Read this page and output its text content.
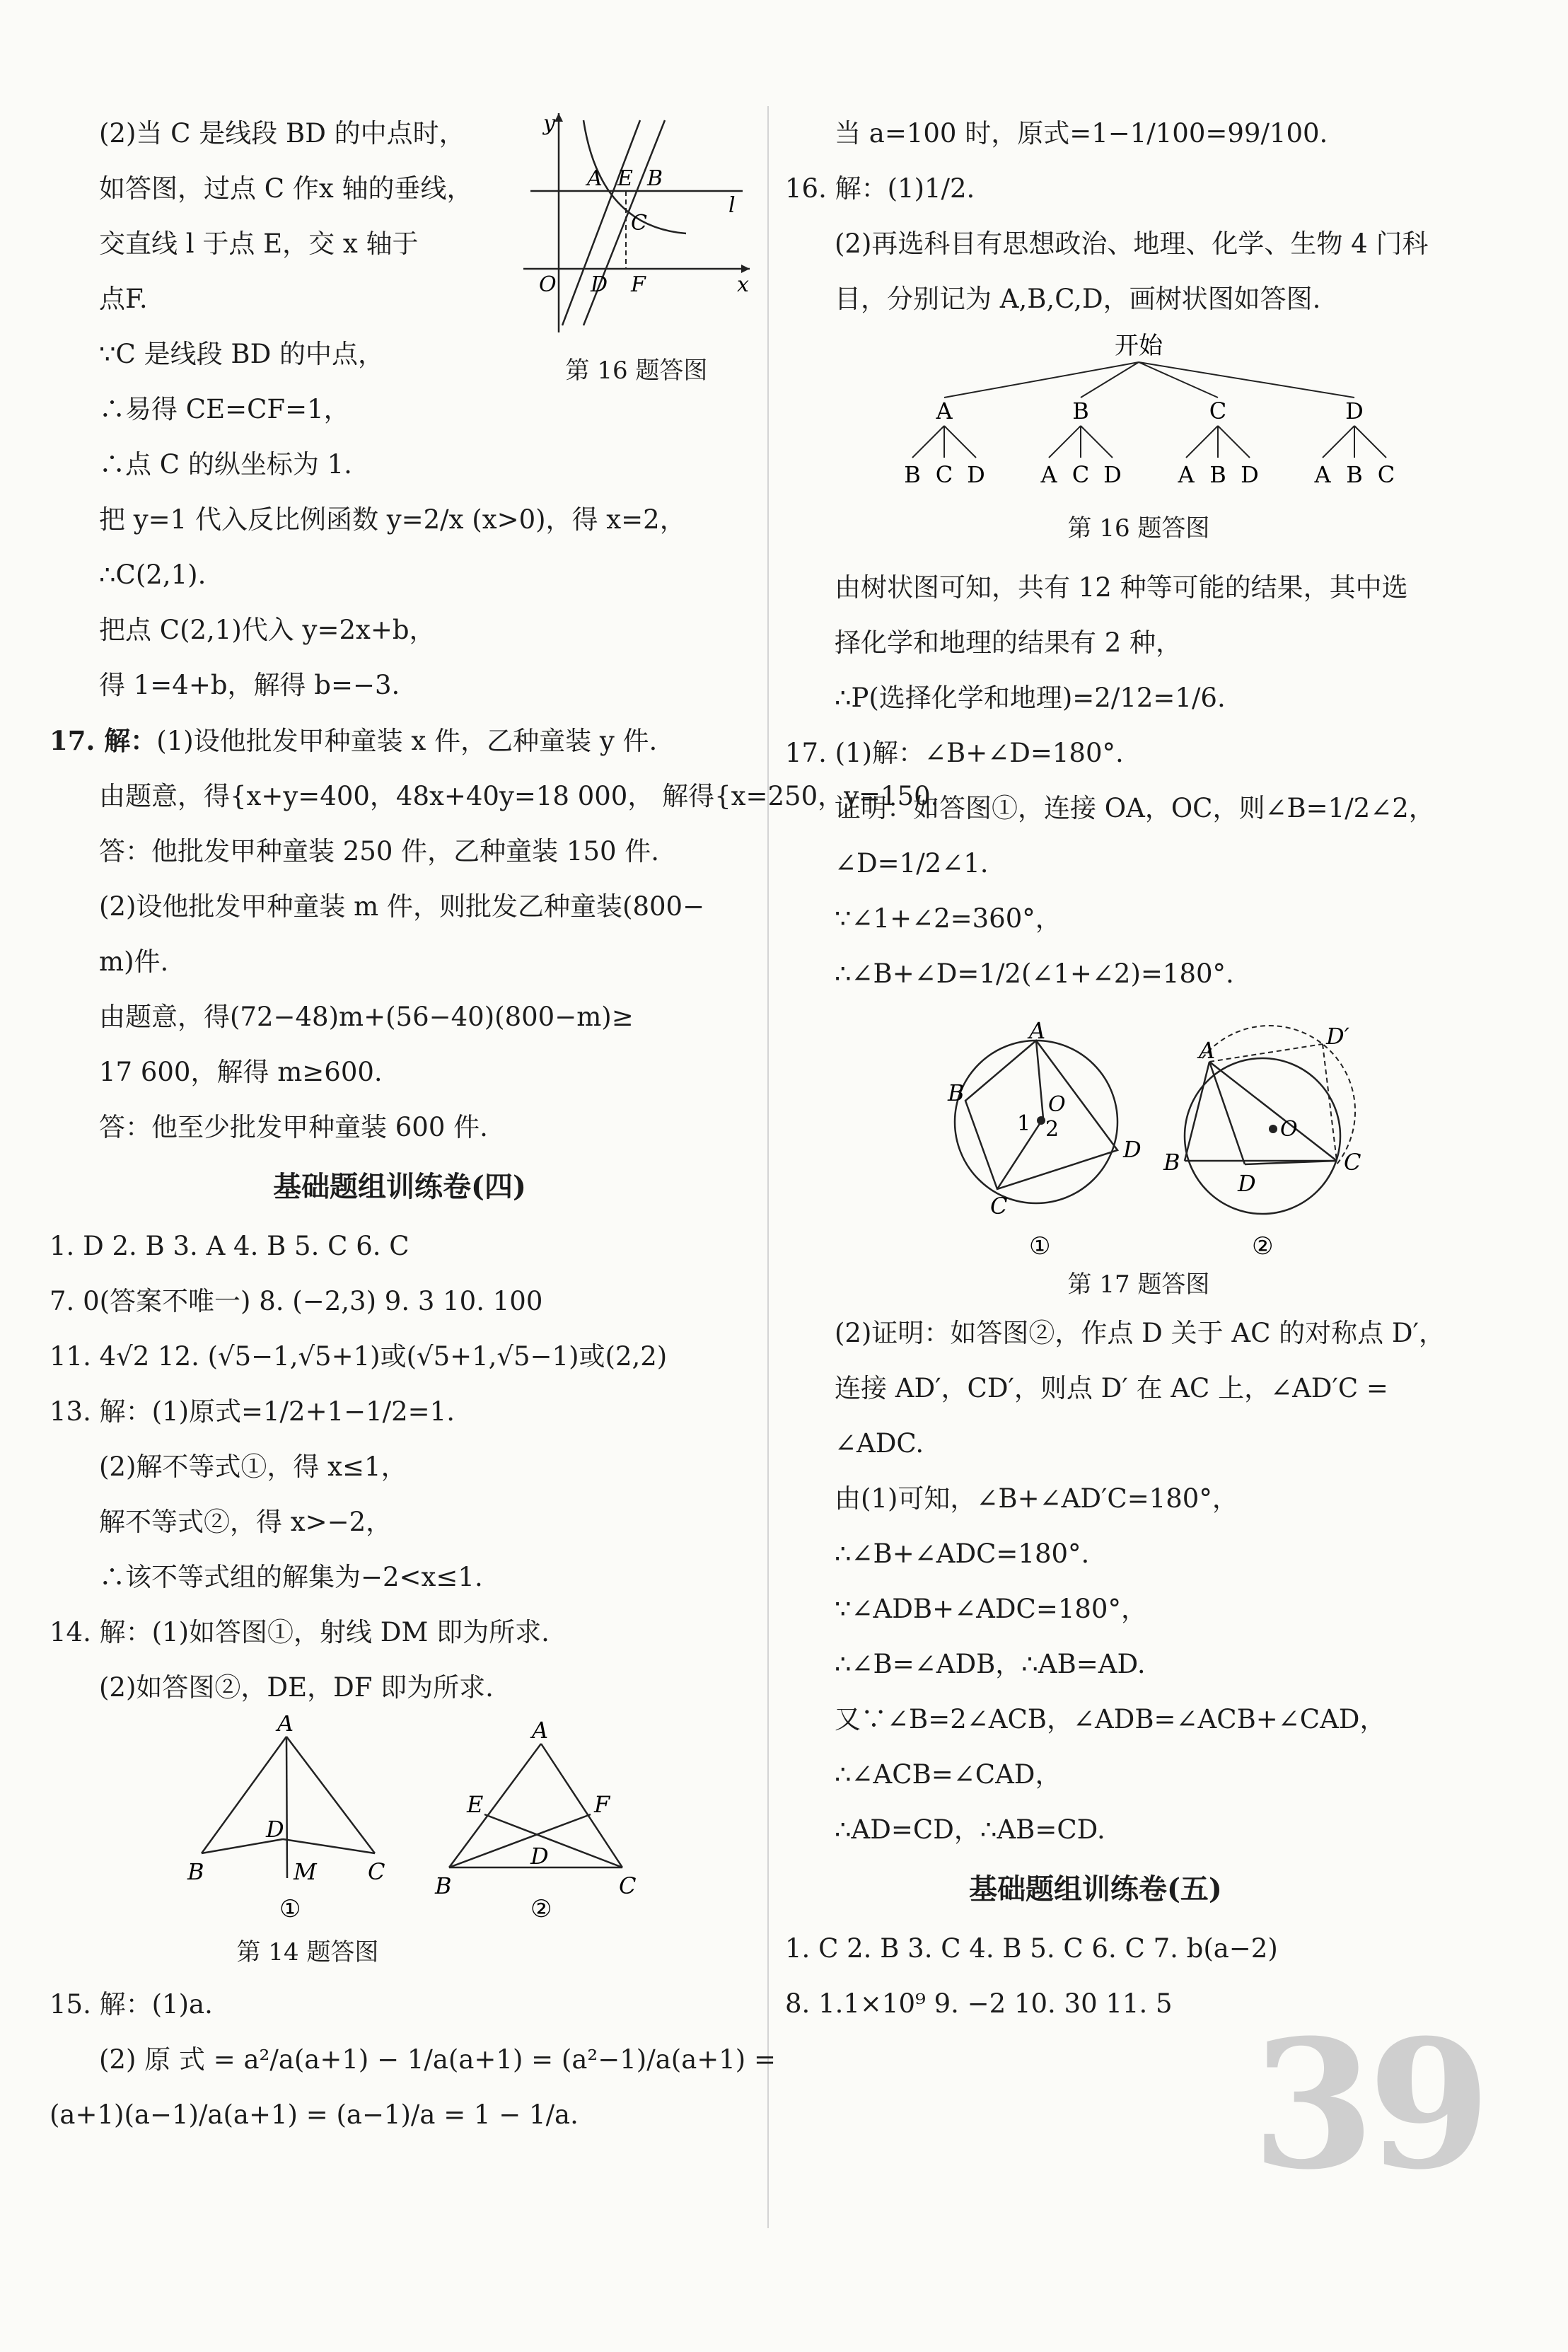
(2)当 C 是线段 BD 的中点时，
如答图，过点 C 作x 轴的垂线，
交直线 l 于点 E，交 x 轴于
点F.
∵C 是线段 BD 的中点，
∴易得 CE=CF=1，
∴点 C 的纵坐标为 1.
把 y=1 代入反比例函数 y=2/x (x>0)，得 x=2，
∴C(2,1).
把点 C(2,1)代入 y=2x+b，
得 1=4+b，解得 b=−3.
y
A E B
l
C
O D F	x
第 16 题答图
17. 解：(1)设他批发甲种童装 x 件，乙种童装 y 件.
由题意，得{x+y=400，48x+40y=18 000， 解得{x=250，y=150.
答：他批发甲种童装 250 件，乙种童装 150 件.
(2)设他批发甲种童装 m 件，则批发乙种童装(800−
m)件.
由题意，得(72−48)m+(56−40)(800−m)≥
17 600，解得 m≥600.
答：他至少批发甲种童装 600 件.
基础题组训练卷(四)
1. D 2. B 3. A 4. B 5. C 6. C
7. 0(答案不唯一) 8. (−2,3) 9. 3 10. 100
11. 4√2 12. (√5−1,√5+1)或(√5+1,√5−1)或(2,2)
13. 解：(1)原式=1/2+1−1/2=1.
(2)解不等式①，得 x≤1，
解不等式②，得 x>−2，
∴该不等式组的解集为−2<x≤1.
14. 解：(1)如答图①，射线 DM 即为所求.
(2)如答图②，DE，DF 即为所求.
A
B
D
M C
①
A
E	F
D
B	C
②
第 14 题答图
15. 解：(1)a.
(2) 原 式 = a²/a(a+1) − 1/a(a+1) = (a²−1)/a(a+1) =
(a+1)(a−1)/a(a+1) = (a−1)/a = 1 − 1/a.
当 a=100 时，原式=1−1/100=99/100.
16. 解：(1)1/2.
(2)再选科目有思想政治、地理、化学、生物 4 门科
目，分别记为 A,B,C,D，画树状图如答图.
开始
A
B C D
B
A C D
C
A B D
D
A B C
第 16 题答图
由树状图可知，共有 12 种等可能的结果，其中选
择化学和地理的结果有 2 种，
∴P(选择化学和地理)=2/12=1/6.
17. (1)解：∠B+∠D=180°.
证明：如答图①，连接 OA，OC，则∠B=1/2∠2，
∠D=1/2∠1.
∵∠1+∠2=360°，
∴∠B+∠D=1/2(∠1+∠2)=180°.
A
B
1
O
2
D
C
①
A
D′
O
B
D
C
②
第 17 题答图
(2)证明：如答图②，作点 D 关于 AC 的对称点 D′，
连接 AD′，CD′，则点 D′ 在 AC 上，∠AD′C =
∠ADC.
由(1)可知，∠B+∠AD′C=180°，
∴∠B+∠ADC=180°.
∵∠ADB+∠ADC=180°，
∴∠B=∠ADB，∴AB=AD.
又∵∠B=2∠ACB，∠ADB=∠ACB+∠CAD，
∴∠ACB=∠CAD，
∴AD=CD，∴AB=CD.
基础题组训练卷(五)
1. C 2. B 3. C 4. B 5. C 6. C 7. b(a−2)
8. 1.1×10⁹ 9. −2 10. 30 11. 5 39
